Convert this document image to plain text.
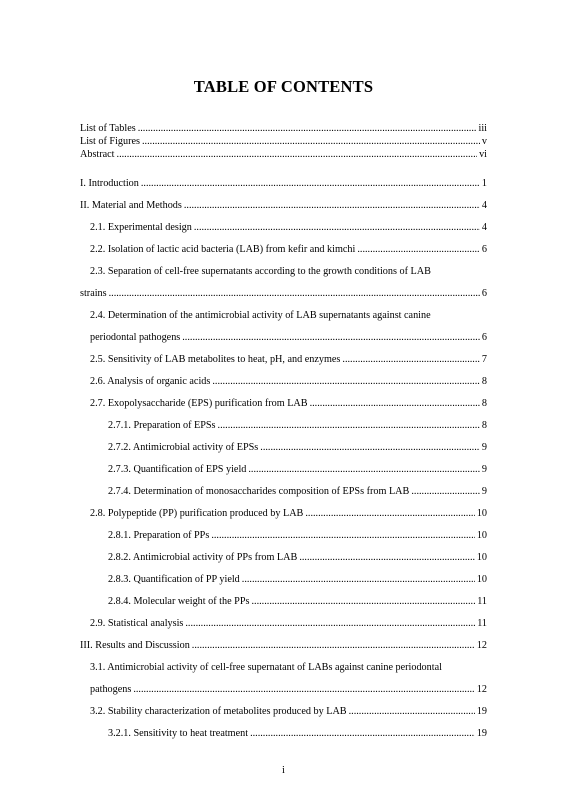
TABLE OF CONTENTS
List of Tables .....	iii
List of Figures .....	v
Abstract .....	vi
I. Introduction .....	1
II. Material and Methods .....	4
2.1. Experimental design .....	4
2.2. Isolation of lactic acid bacteria (LAB) from kefir and kimchi .....	6
2.3. Separation of cell-free supernatants according to the growth conditions of LAB
strains .....	6
2.4. Determination of the antimicrobial activity of LAB supernatants against canine
periodontal pathogens .....	6
2.5. Sensitivity of LAB metabolites to heat, pH, and enzymes .....	7
2.6. Analysis of organic acids .....	8
2.7. Exopolysaccharide (EPS) purification from LAB .....	8
2.7.1. Preparation of EPSs .....	8
2.7.2. Antimicrobial activity of EPSs .....	9
2.7.3. Quantification of EPS yield .....	9
2.7.4. Determination of monosaccharides composition of EPSs from LAB .....	9
2.8. Polypeptide (PP) purification produced by LAB .....	10
2.8.1. Preparation of PPs .....	10
2.8.2. Antimicrobial activity of PPs from LAB .....	10
2.8.3. Quantification of PP yield .....	10
2.8.4. Molecular weight of the PPs .....	11
2.9. Statistical analysis .....	11
III. Results and Discussion .....	12
3.1. Antimicrobial activity of cell-free supernatant of LABs against canine periodontal
pathogens .....	12
3.2. Stability characterization of metabolites produced by LAB .....	19
3.2.1. Sensitivity to heat treatment .....	19
i
